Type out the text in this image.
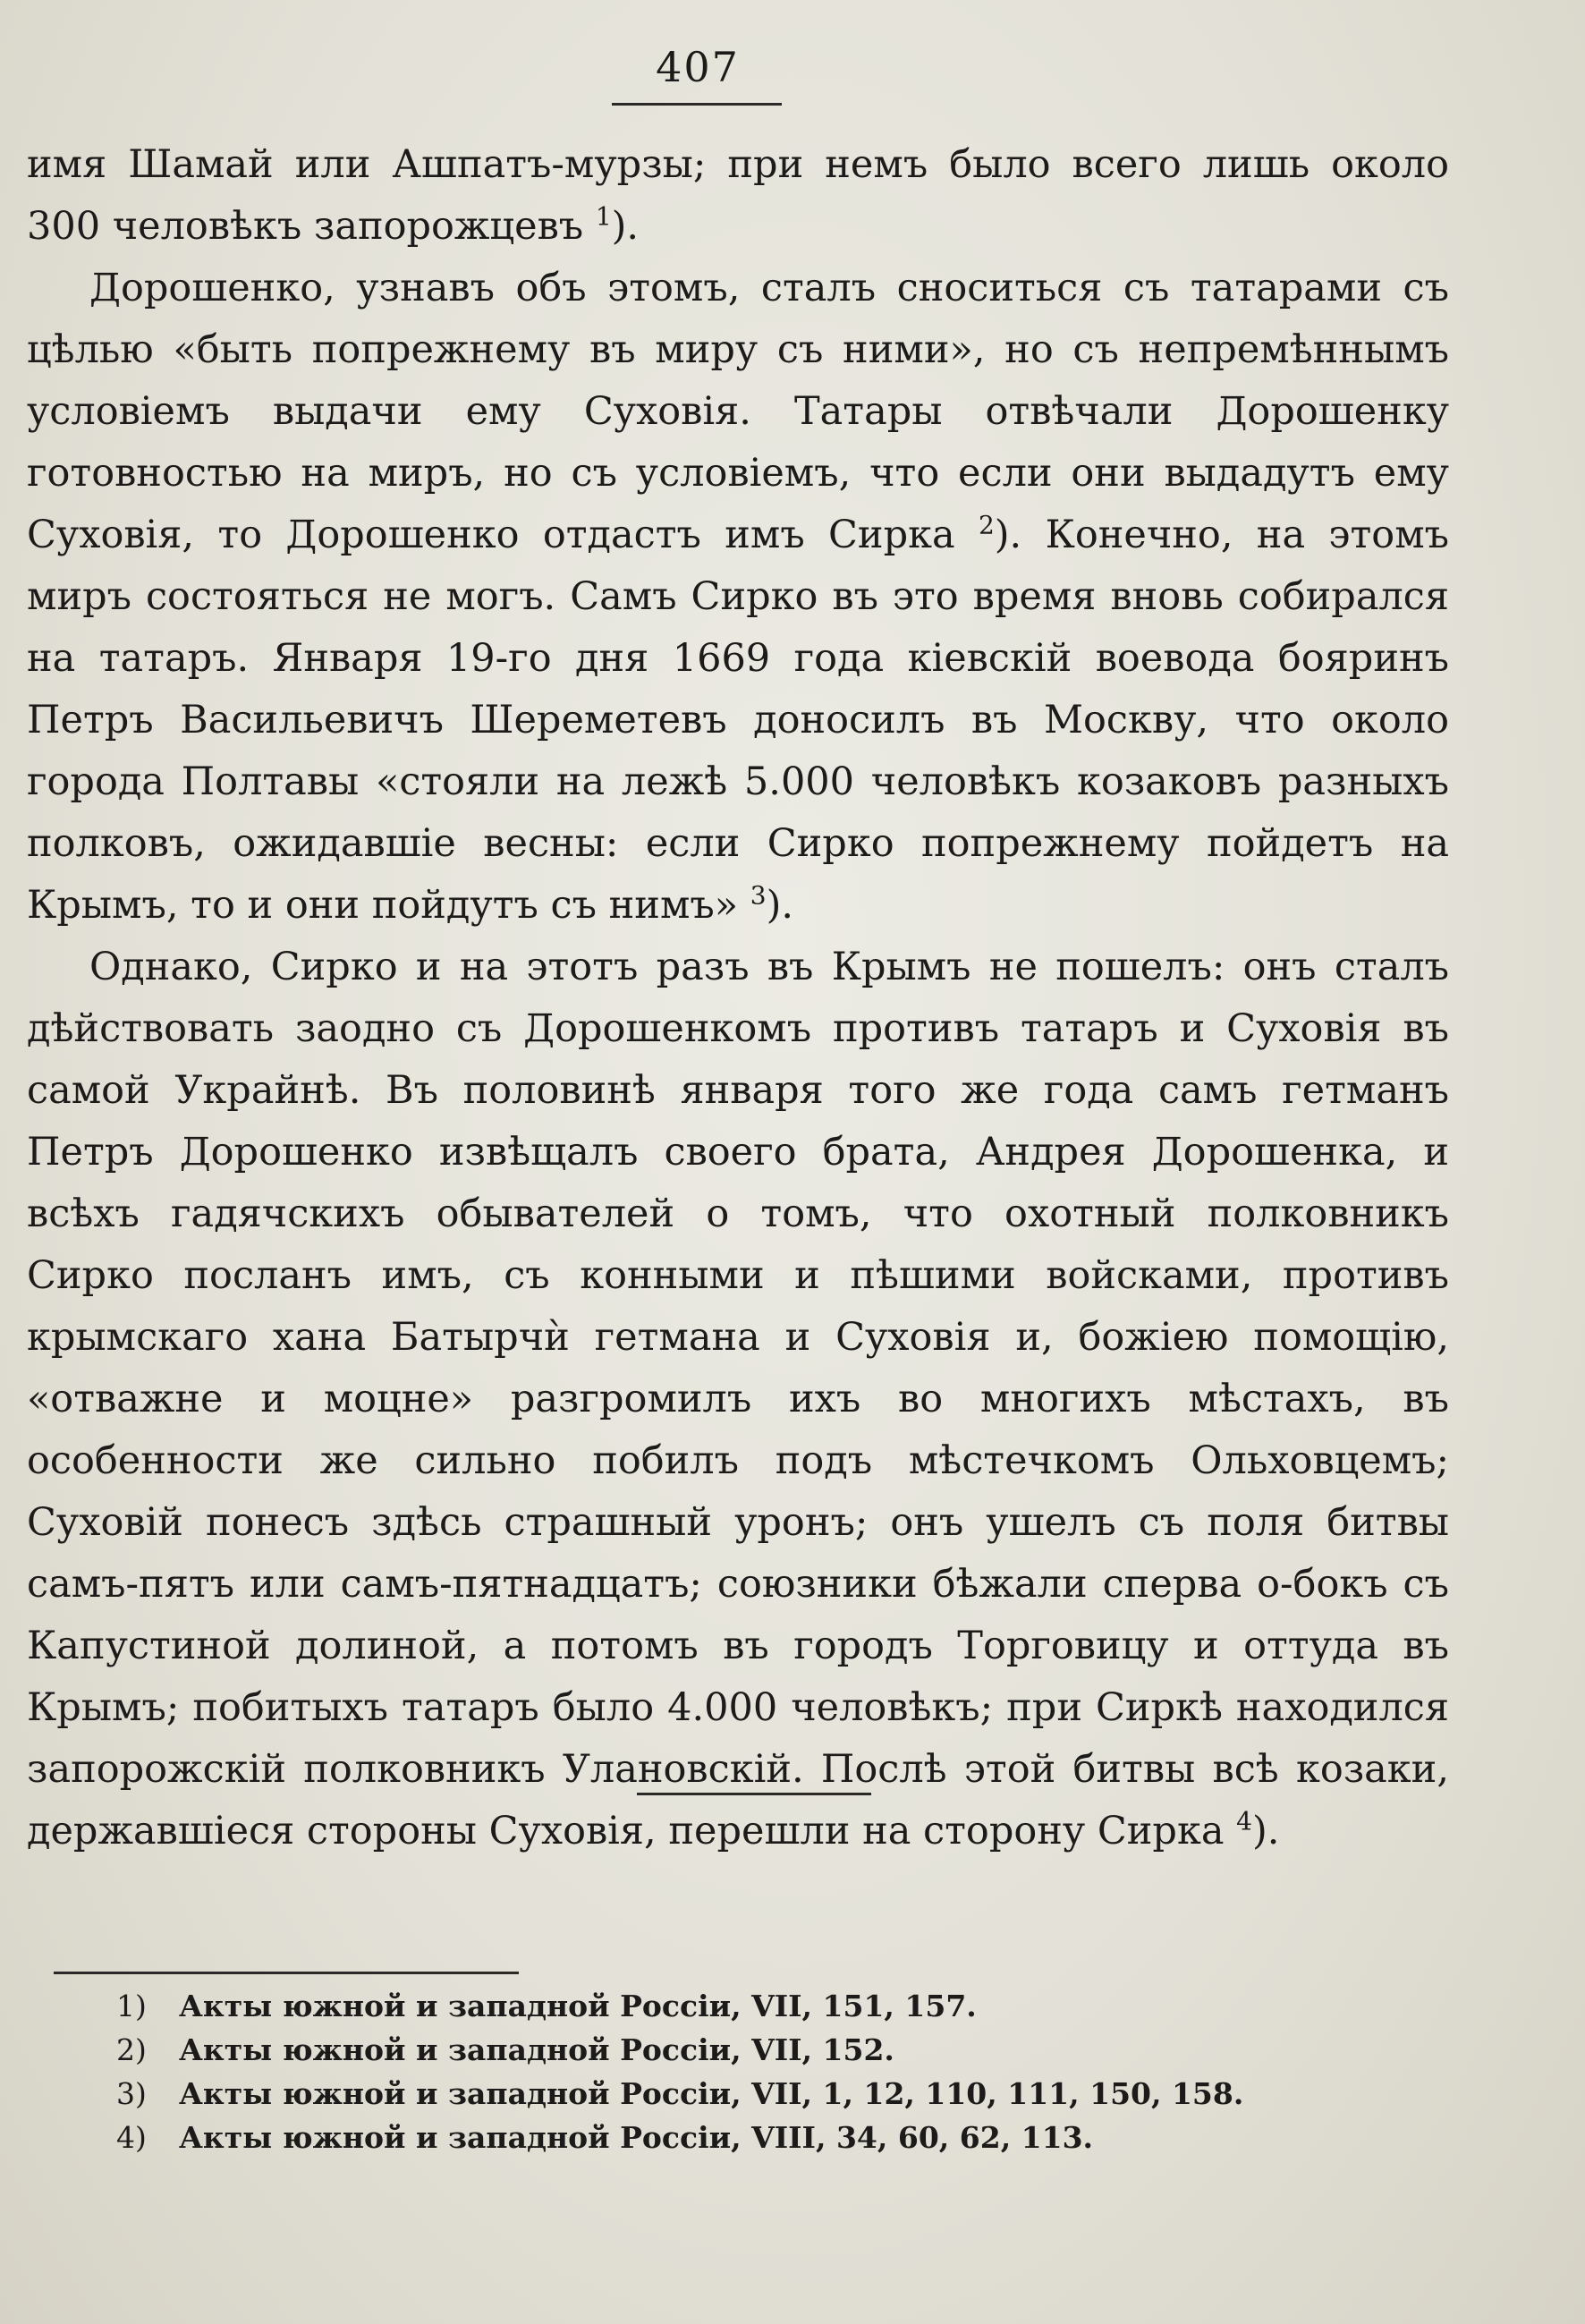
407

имя Шамай или Ашпатъ-мурзы; при немъ было всего лишь около 300 человѣкъ запорожцевъ $^1$).

Дорошенко, узнавъ объ этомъ, сталъ сноситься съ татарами съ цѣлью «быть попрежнему въ миру съ ними», но съ непремѣннымъ условіемъ выдачи ему Суховія. Татары отвѣчали Дорошенку готовностью на миръ, но съ условіемъ, что если они выдадутъ ему Суховія, то Дорошенко отдастъ имъ Сирка $^2$). Конечно, на этомъ миръ состояться не могъ. Самъ Сирко въ это время вновь собирался на татаръ. Января 19-го дня 1669 года кіевскій воевода бояринъ Петръ Васильевичъ Шереметевъ доносилъ въ Москву, что около города Полтавы «стояли на лежѣ 5.000 человѣкъ козаковъ разныхъ полковъ, ожидавшіе весны: если Сирко попрежнему пойдетъ на Крымъ, то и они пойдутъ съ нимъ» $^3$).

Однако, Сирко и на этотъ разъ въ Крымъ не пошелъ: онъ сталъ дѣйствовать заодно съ Дорошенкомъ противъ татаръ и Суховія въ самой Украйнѣ. Въ половинѣ января того же года самъ гетманъ Петръ Дорошенко извѣщалъ своего брата, Андрея Дорошенка, и всѣхъ гадячскихъ обывателей о томъ, что охотный полковникъ Сирко посланъ имъ, съ конными и пѣшими войсками, противъ крымскаго хана Батырчѝ гетмана и Суховія и, божіею помощію, «отважне и моцне» разгромилъ ихъ во многихъ мѣстахъ, въ особенности же сильно побилъ подъ мѣстечкомъ Ольховцемъ; Суховій понесъ здѣсь страшный уронъ; онъ ушелъ съ поля битвы самъ-пятъ или самъ-пятнадцатъ; союзники бѣжали сперва о-бокъ съ Капустиной долиной, а потомъ въ городъ Торговицу и оттуда въ Крымъ; побитыхъ татаръ было 4.000 человѣкъ; при Сиркѣ находился запорожскій полковникъ Улановскій. Послѣ этой битвы всѣ козаки, державшіеся стороны Суховія, перешли на сторону Сирка $^4$).

1) Акты южной и западной Россіи, VII, 151, 157.
2) Акты южной и западной Россіи, VII, 152.
3) Акты южной и западной Россіи, VII, 1, 12, 110, 111, 150, 158.
4) Акты южной и западной Россіи, VIII, 34, 60, 62, 113.
